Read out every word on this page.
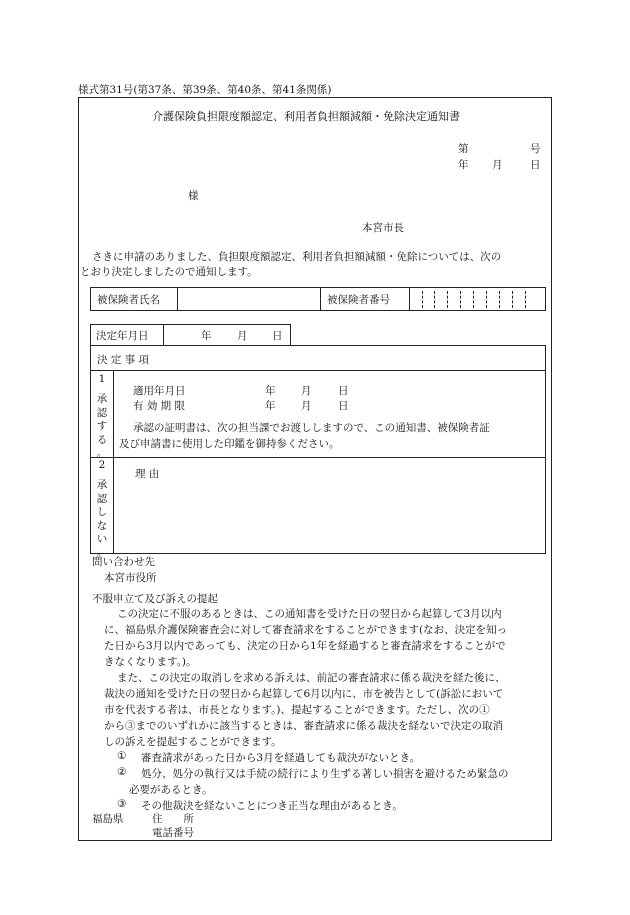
様式第31号(第37条、第39条、第40条、第41条関係)
介護保険負担限度額認定、利用者負担額減額・免除決定通知書
第	号
年 月	日
様
本宮市長
さきに申請のありました、負担限度額認定、利用者負担額減額・免除については、次の
とおり決定しましたので通知します。
被保険者氏名	被保険者番号
決定年月日	年 月 日
決 定 事 項
1
承
認
す
る
。
適用年月日	年 月	日
有 効 期 限	年 月	日
承認の証明書は、次の担当課でお渡ししますので、この通知書、被保険者証
及び申請書に使用した印鑑を御持参ください。
2
承
認
し
な
い
。
理 由
問い合わせ先
本宮市役所
不服申立て及び訴えの提起
この決定に不服のあるときは、この通知書を受けた日の翌日から起算して3月以内
に、福島県介護保険審査会に対して審査請求をすることができます(なお、決定を知っ
た日から3月以内であっても、決定の日から1年を経過すると審査請求をすることがで
きなくなります。)。
また、この決定の取消しを求める訴えは、前記の審査請求に係る裁決を経た後に、
裁決の通知を受けた日の翌日から起算して6月以内に、市を被告として(訴訟において
市を代表する者は、市長となります。)、提起することができます。ただし、次の①
から③までのいずれかに該当するときは、審査請求に係る裁決を経ないで決定の取消
しの訴えを提起することができます。
① 審査請求があった日から3月を経過しても裁決がないとき。
② 処分、処分の執行又は手続の続行により生ずる著しい損害を避けるため緊急の
必要があるとき。
③ その他裁決を経ないことにつき正当な理由があるとき。
福島県	住　　所
電話番号
